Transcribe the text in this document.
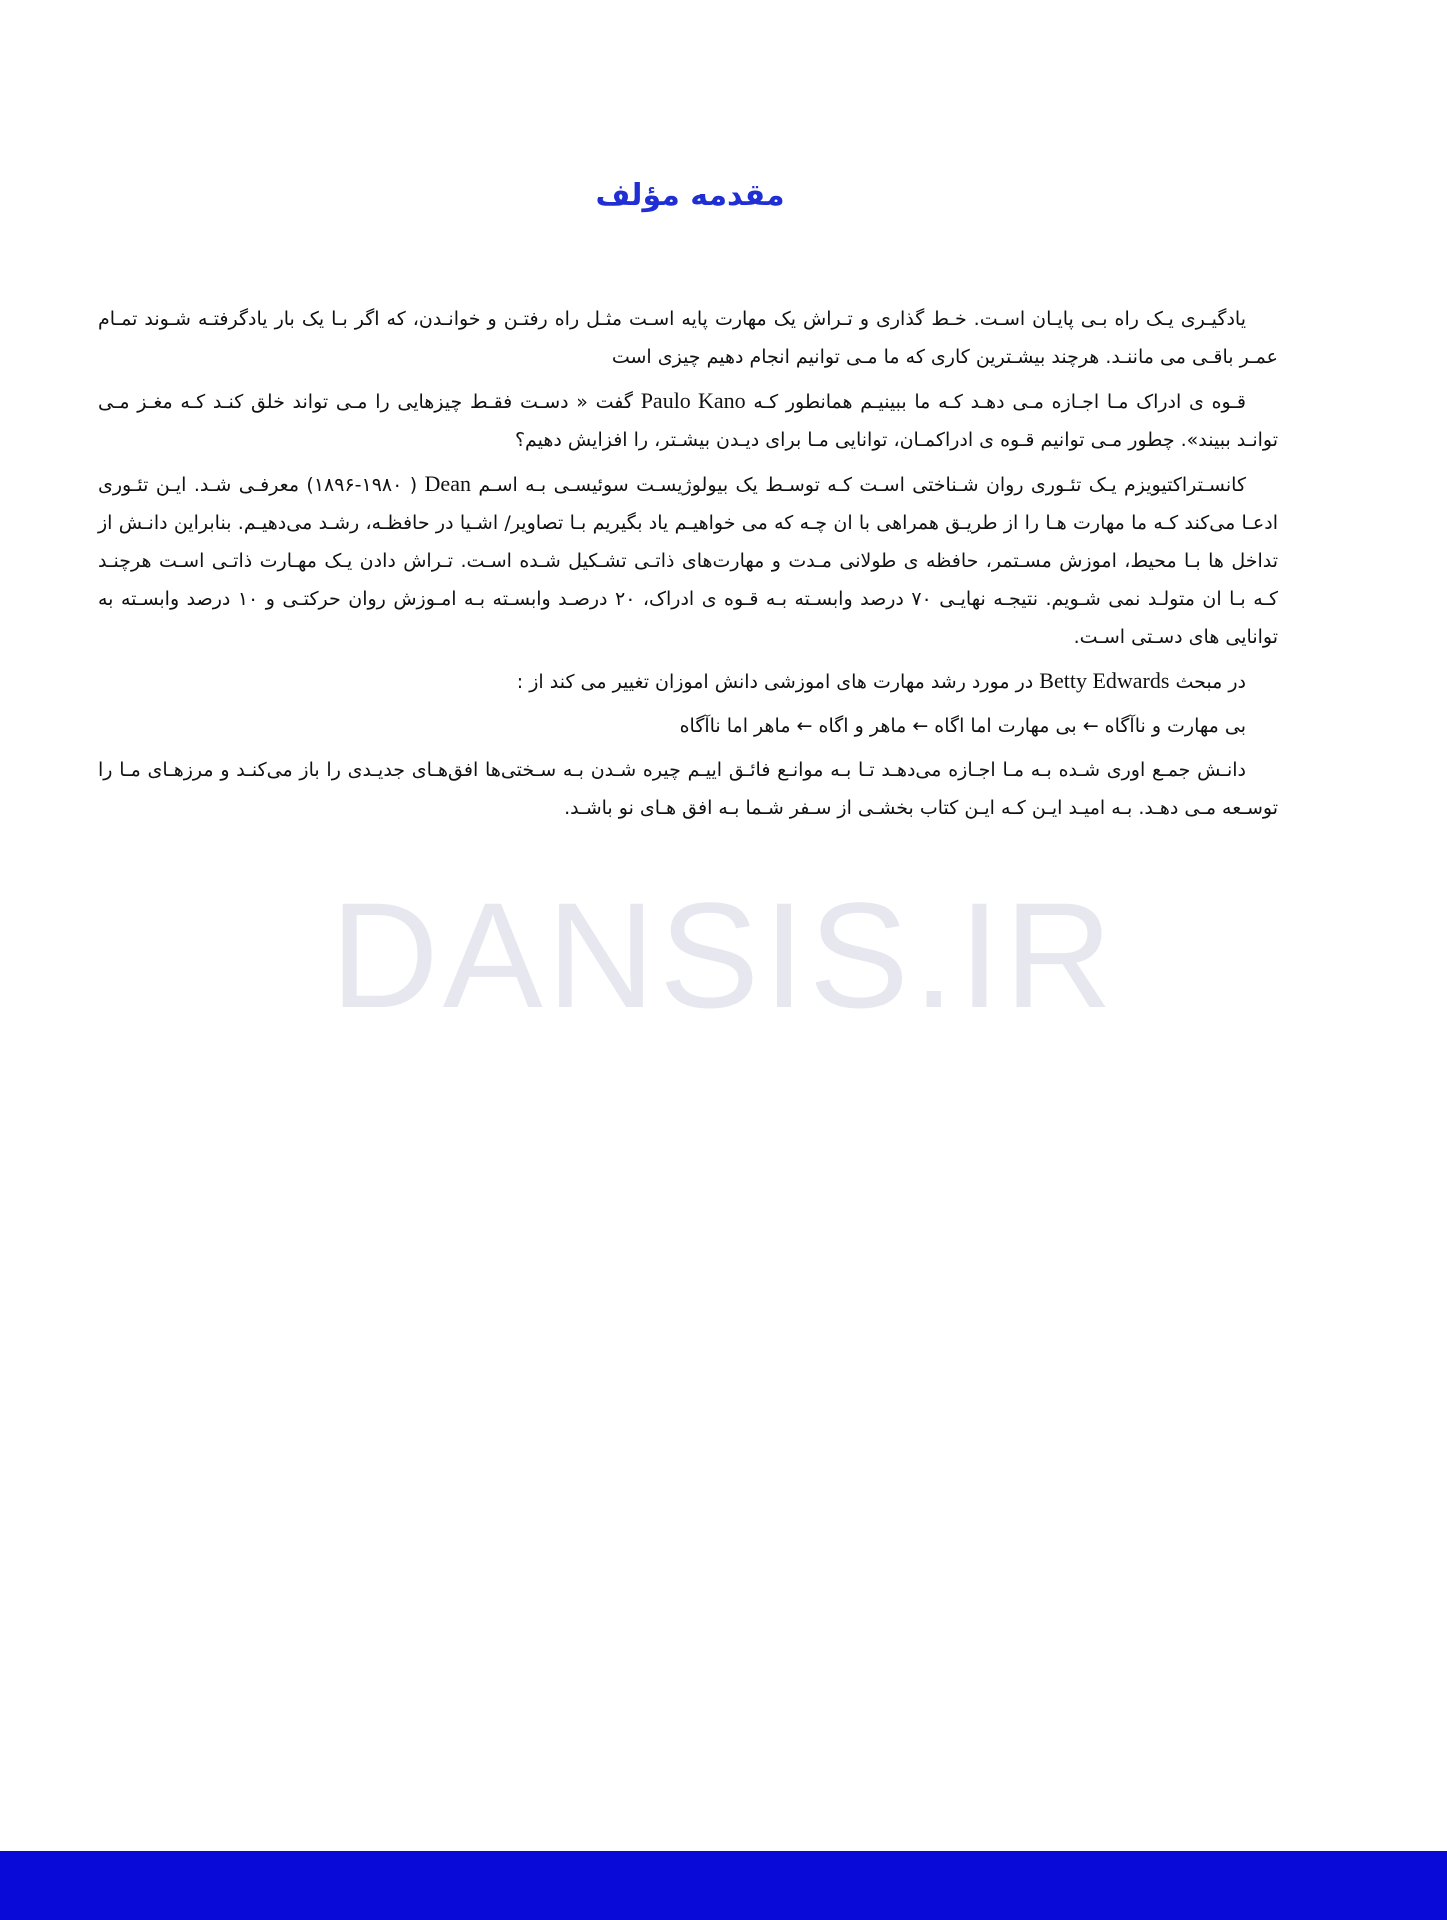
مقدمه مؤلف

یادگیـری یـک راه بـی پایـان اسـت. خـط گذاری و تـراش یک مهارت پایه اسـت مثـل راه رفتـن و خوانـدن، که اگر بـا یک بار یادگرفتـه شـوند تمـام عمـر باقـی می ماننـد. هرچند بیشـترین کاری که ما مـی توانیم انجام دهیم چیزی است

قـوه ی ادراک مـا اجـازه مـی دهـد کـه ما ببینیـم همانطور کـه Paulo Kano گفت « دسـت فقـط چیزهایی را مـی تواند خلق کنـد کـه مغـز مـی توانـد ببیند». چطور مـی توانیم قـوه ی ادراکمـان، توانایی مـا برای دیـدن بیشـتر، را افزایش دهیم؟

کانسـتراکتیویزم یـک تئـوری روان شـناختی اسـت کـه توسـط یک بیولوژیسـت سوئیسـی بـه اسـم Dean ( ۱۹۸۰-۱۸۹۶) معرفـی شـد. ایـن تئـوری ادعـا می‌کند کـه ما مهارت هـا را از طریـق همراهی با ان چـه که می خواهیـم یاد بگیریم بـا تصاویر/ اشـیا در حافظـه، رشـد می‌دهیـم. بنابراین دانـش از تداخل ها بـا محیط، اموزش مسـتمر، حافظه ی طولانی مـدت و مهارت‌های ذاتـی تشـکیل شـده اسـت. تـراش دادن یـک مهـارت ذاتـی اسـت هرچنـد کـه بـا ان متولـد نمی شـویم. نتیجـه نهایـی ۷۰ درصد وابسـته بـه قـوه ی ادراک، ۲۰ درصـد وابسـته بـه امـوزش روان حرکتـی و ۱۰ درصد وابسـته به توانایی های دسـتی اسـت.

در مبحث Betty Edwards در مورد رشد مهارت های اموزشی دانش اموزان تغییر می کند از :

بی مهارت و ناآگاه ← بی مهارت اما اگاه ← ماهر و اگاه ← ماهر اما ناآگاه

دانـش جمـع اوری شـده بـه مـا اجـازه می‌دهـد تـا بـه موانـع فائـق اییـم چیره شـدن بـه سـختی‌ها افق‌هـای جدیـدی را باز می‌کنـد و مرزهـای مـا را توسـعه مـی دهـد. بـه امیـد ایـن کـه ایـن کتاب بخشـی از سـفر شـما بـه افق هـای نو باشـد.

DANSIS.IR
